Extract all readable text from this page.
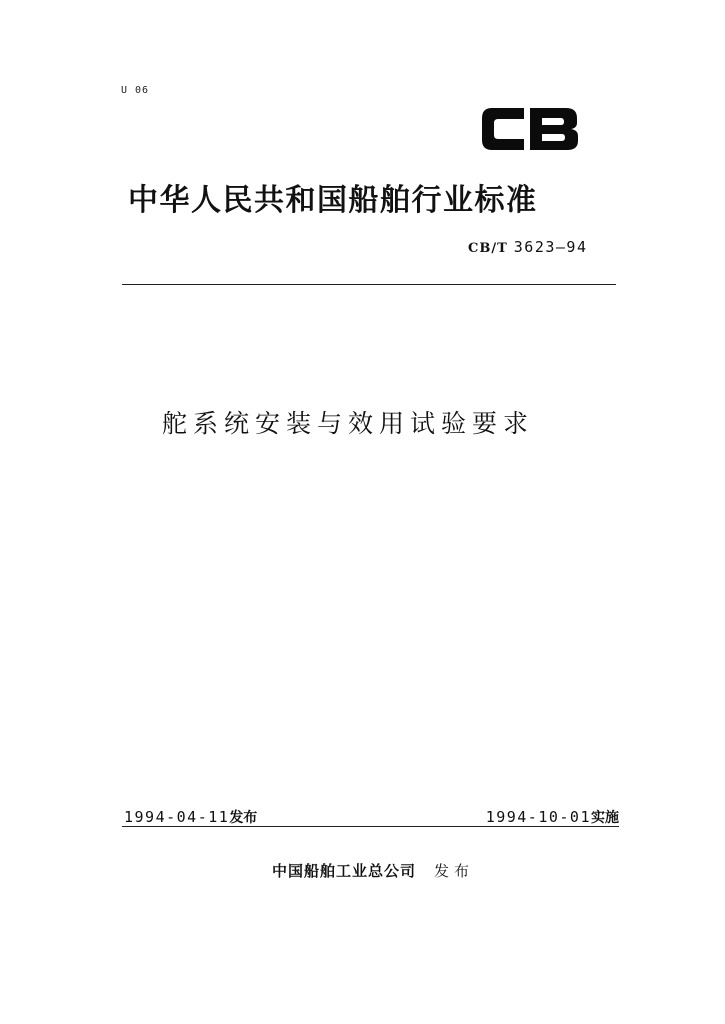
U 06
中华人民共和国船舶行业标准
CB/T 3623—94
舵系统安装与效用试验要求
1994-04-11发布	1994-10-01实施
中国船舶工业总公司 发布
